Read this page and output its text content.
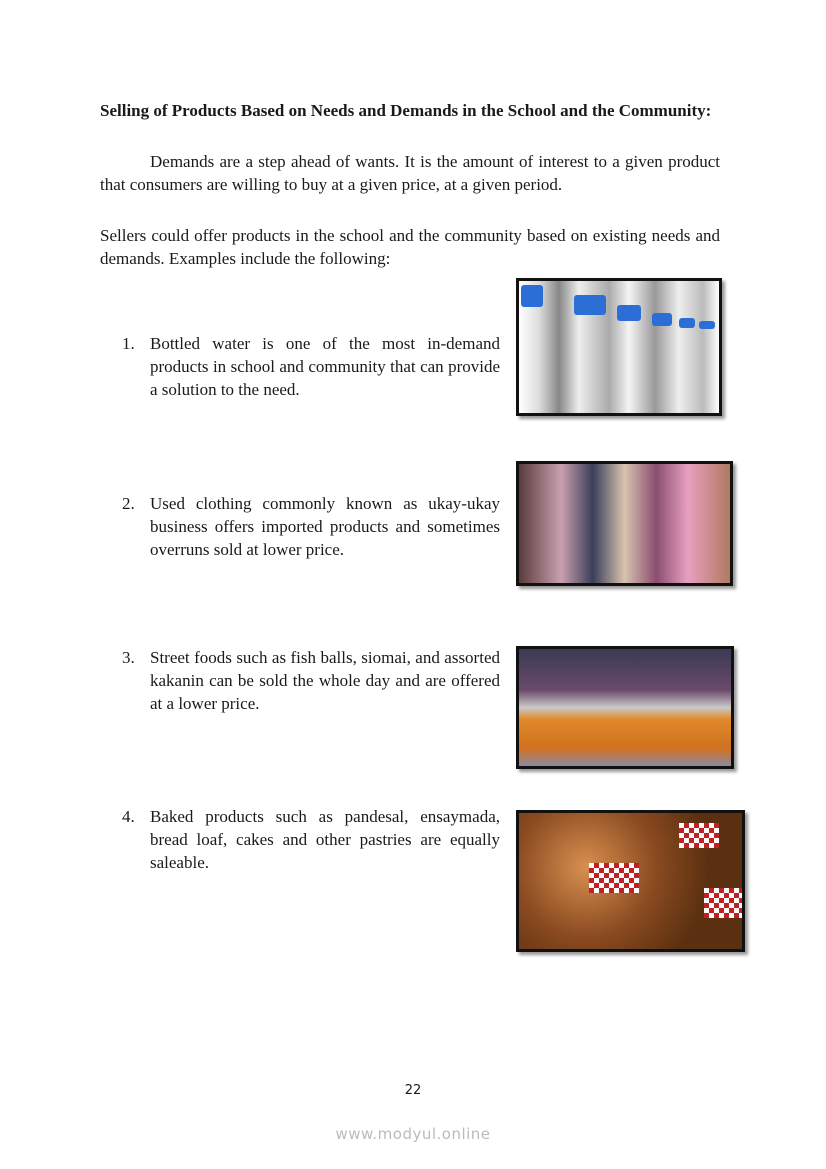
Selling of Products Based on Needs and Demands in the School and the Community:

Demands are a step ahead of wants. It is the amount of interest to a given product that consumers are willing to buy at a given price, at a given period.

Sellers could offer products in the school and the community based on existing needs and demands. Examples include the following:

1. Bottled water is one of the most in-demand products in school and community that can provide a solution to the need.
2. Used clothing commonly known as ukay-ukay business offers imported products and sometimes overruns sold at lower price.
3. Street foods such as fish balls, siomai, and assorted kakanin can be sold the whole day and are offered at a lower price.
4. Baked products such as pandesal, ensaymada, bread loaf, cakes and other pastries are equally saleable.
22
www.modyul.online
